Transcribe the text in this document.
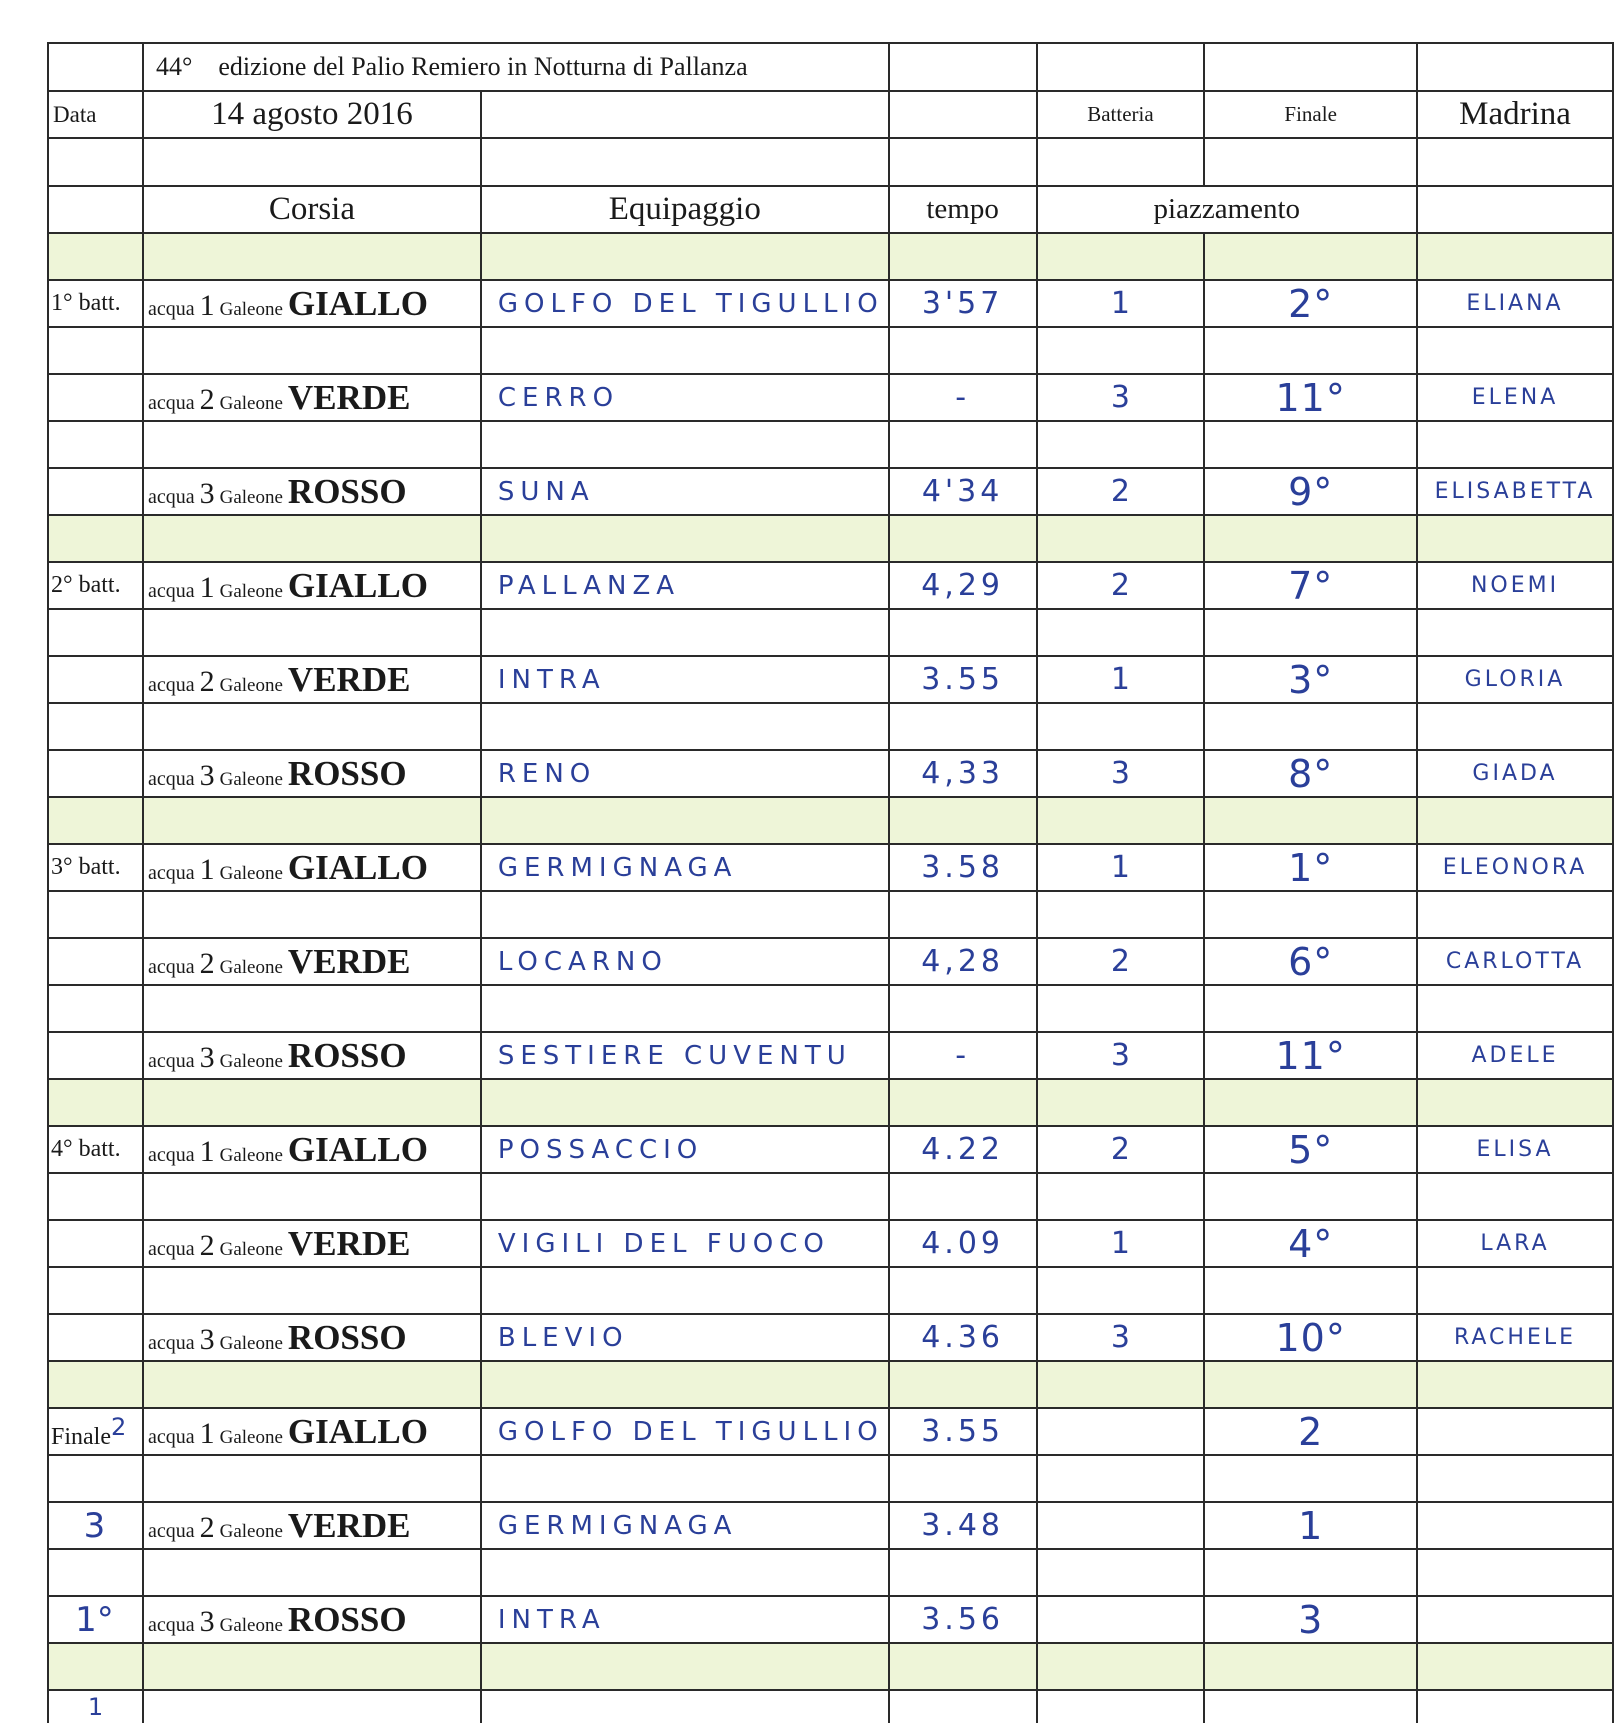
	44° edizione del Palio Remiero in Notturna di Pallanza					
Data	14 agosto 2016			Batteria	Finale	Madrina

	Corsia	Equipaggio	tempo	piazzamento		

1° batt.	acqua 1 Galeone GIALLO	GOLFO DEL TIGULLIO	3'57	1	2°	ELIANA

	acqua 2 Galeone VERDE	CERRO	-	3	11°	ELENA

	acqua 3 Galeone ROSSO	SUNA	4'34	2	9°	ELISABETTA

2° batt.	acqua 1 Galeone GIALLO	PALLANZA	4,29	2	7°	NOEMI

	acqua 2 Galeone VERDE	INTRA	3.55	1	3°	GLORIA

	acqua 3 Galeone ROSSO	RENO	4,33	3	8°	GIADA

3° batt.	acqua 1 Galeone GIALLO	GERMIGNAGA	3.58	1	1°	ELEONORA

	acqua 2 Galeone VERDE	LOCARNO	4,28	2	6°	CARLOTTA

	acqua 3 Galeone ROSSO	SESTIERE CUVENTU	-	3	11°	ADELE

4° batt.	acqua 1 Galeone GIALLO	POSSACCIO	4.22	2	5°	ELISA

	acqua 2 Galeone VERDE	VIGILI DEL FUOCO	4.09	1	4°	LARA

	acqua 3 Galeone ROSSO	BLEVIO	4.36	3	10°	RACHELE

Finale2	acqua 1 Galeone GIALLO	GOLFO DEL TIGULLIO	3.55		2	

3	acqua 2 Galeone VERDE	GERMIGNAGA	3.48		1	

1°	acqua 3 Galeone ROSSO	INTRA	3.56		3	

1						
